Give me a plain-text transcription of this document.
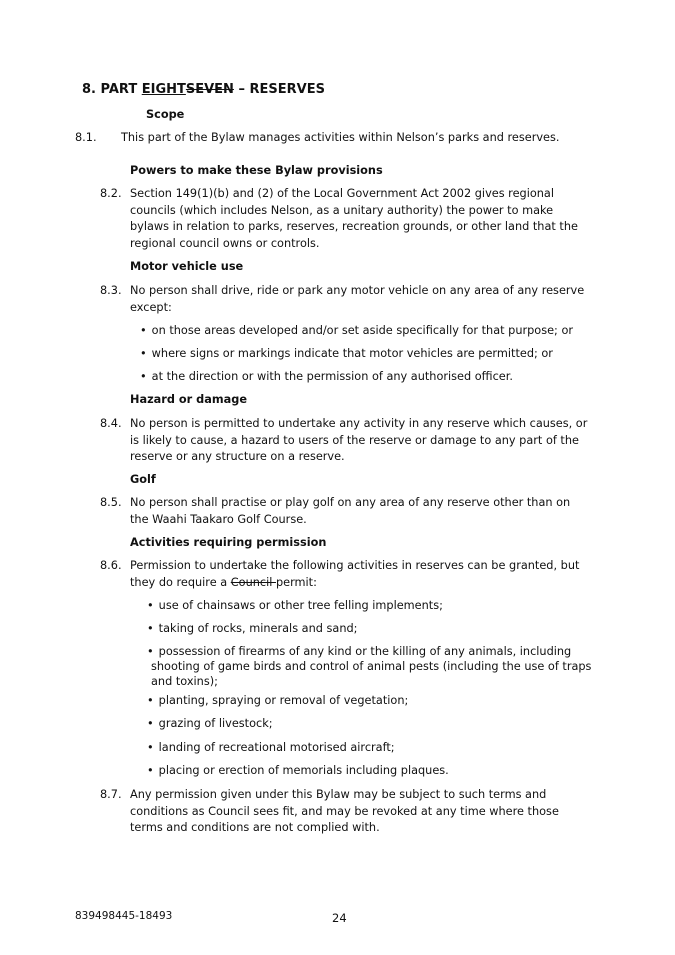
8. PART EIGHTSEVEN – RESERVES
Scope
8.1. This part of the Bylaw manages activities within Nelson’s parks and reserves.
Powers to make these Bylaw provisions
8.2. Section 149(1)(b) and (2) of the Local Government Act 2002 gives regional
councils (which includes Nelson, as a unitary authority) the power to make
bylaws in relation to parks, reserves, recreation grounds, or other land that the
regional council owns or controls.
Motor vehicle use
8.3. No person shall drive, ride or park any motor vehicle on any area of any reserve
except:
• on those areas developed and/or set aside specifically for that purpose; or
• where signs or markings indicate that motor vehicles are permitted; or
• at the direction or with the permission of any authorised officer.
Hazard or damage
8.4. No person is permitted to undertake any activity in any reserve which causes, or
is likely to cause, a hazard to users of the reserve or damage to any part of the
reserve or any structure on a reserve.
Golf
8.5. No person shall practise or play golf on any area of any reserve other than on
the Waahi Taakaro Golf Course.
Activities requiring permission
8.6. Permission to undertake the following activities in reserves can be granted, but
they do require a Council permit:
• use of chainsaws or other tree felling implements;
• taking of rocks, minerals and sand;
• possession of firearms of any kind or the killing of any animals, including
shooting of game birds and control of animal pests (including the use of traps
and toxins);
• planting, spraying or removal of vegetation;
• grazing of livestock;
• landing of recreational motorised aircraft;
• placing or erection of memorials including plaques.
8.7. Any permission given under this Bylaw may be subject to such terms and
conditions as Council sees fit, and may be revoked at any time where those
terms and conditions are not complied with.
839498445-18493	24
